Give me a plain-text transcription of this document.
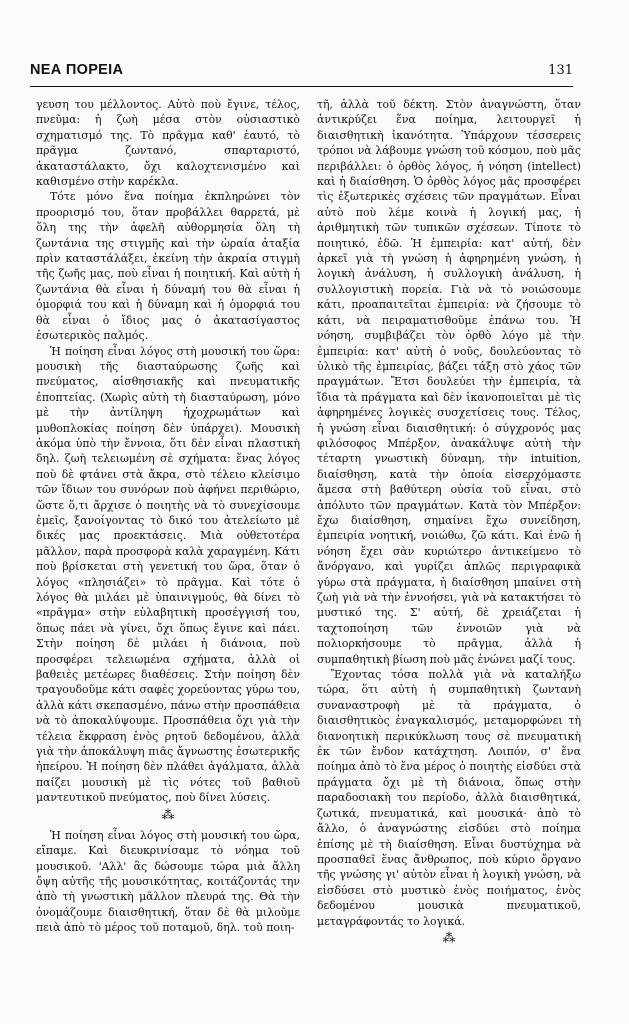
ΝΕΑ ΠΟΡΕΙΑ	131

γευση του μέλλοντος. Αὐτὸ ποὺ ἔγινε, τέλος, πνεῦμα: ἡ ζωὴ μέσα στὸν οὐσιαστικὸ σχηματισμό της. Τὸ πρᾶγμα καθ' ἑαυτό, τὸ πρᾶγμα ζωντανό, σπαρταριστό, ἀκαταστάλακτο, ὄχι καλοχτενισμένο καὶ καθισμένο στὴν καρέκλα.

Τότε μόνο ἕνα ποίημα ἐκπληρώνει τὸν προορισμό του, ὅταν προβάλλει θαρρετά, μὲ ὅλη της τὴν ἀφελῆ αὐθορμησία ὅλη τὴ ζωντάνια της στιγμῆς καὶ τὴν ὡραία ἀταξία πρὶν καταστάλάξει, ἐκείνη τὴν ἀκραία στιγμὴ τῆς ζωῆς μας, ποὺ εἶναι ἡ ποιητική. Καὶ αὐτὴ ἡ ζωντάνια θὰ εἶναι ἡ δύναμή του θὰ εἶναι ἡ ὁμορφιά του καὶ ἡ δύναμη καὶ ἡ ὁμορφιά του θὰ εἶναι ὁ ἴδιος μας ὁ ἀκατασίγαστος ἐσωτερικὸς παλμός.

Ἡ ποίηση εἶναι λόγος στὴ μουσική του ὥρα: μουσικὴ τῆς διασταύρωσης ζωῆς καὶ πνεύματος, αἰσθησιακῆς καὶ πνευματικῆς ἐποπτείας. (Χωρὶς αὐτὴ τὴ διασταύρωση, μόνο μὲ τὴν ἀντίληψη ἠχοχρωμάτων καὶ μυθοπλοκίας ποίηση δὲν ὑπάρχει). Μουσικὴ ἀκόμα ὑπὸ τὴν ἔννοια, ὅτι δὲν εἶναι πλαστικὴ δηλ. ζωὴ τελειωμένη σὲ σχήματα: ἕνας λόγος ποὺ δὲ φτάνει στὰ ἄκρα, στὸ τέλειο κλείσιμο τῶν ἴδιων του συνόρων ποὺ ἀφήνει περιθώριο, ὥστε ὅ,τι ἄρχισε ὁ ποιητὴς νὰ τὸ συνεχίσουμε ἐμεῖς, ξανοίγοντας τὸ δικό του ἀτελείωτο μὲ δικές μας προεκτάσεις. Μιὰ οὐθετοτέρα μᾶλλον, παρὰ προσφορὰ καλὰ χαραγμένη. Κάτι ποὺ βρίσκεται στὴ γενετική του ὥρα, ὅταν ὁ λόγος «πλησιάζει» τὸ πρᾶγμα. Καὶ τότε ὁ λόγος θὰ μιλάει μὲ ὑπαινιγμούς, θὰ δίνει τὸ «πρᾶγμα» στὴν εὐλαβητικὴ προσέγγισή του, ὅπως πάει νὰ γίνει, ὄχι ὅπως ἔγινε καὶ πάει. Στὴν ποίηση δὲ μιλάει ἡ διάνοια, ποὺ προσφέρει τελειωμένα σχήματα, ἀλλὰ οἱ βαθειὲς μετέωρες διαθέσεις. Στὴν ποίηση δὲν τραγουδοῦμε κάτι σαφὲς χορεύοντας γύρω του, ἀλλὰ κάτι σκεπασμένο, πάνω στὴν προσπάθεια νὰ τὸ ἀποκαλύψουμε. Προσπάθεια ὄχι γιὰ τὴν τέλεια ἔκφραση ἑνὸς ρητοῦ δεδομένου, ἀλλὰ γιὰ τὴν ἀποκάλυψη πιᾶς ἄγνωστης ἐσωτερικῆς ἠπείρου. Ἡ ποίηση δὲν πλάθει ἀγάλματα, ἀλλὰ παίζει μουσικὴ μὲ τὶς νότες τοῦ βαθιοῦ μαντευτικοῦ πνεύματος, ποὺ δίνει λύσεις.

⁂

Ἡ ποίηση εἶναι λόγος στὴ μουσική του ὥρα, εἴπαμε. Καὶ διευκρινίσαμε τὸ νόημα τοῦ μουσικοῦ. 'Αλλ' ἂς δώσουμε τώρα μιὰ ἄλλη ὄψη αὐτῆς τῆς μουσικότητας, κοιτάζοντάς την ἀπὸ τὴ γνωστικὴ μᾶλλον πλευρά της. Θὰ τὴν ὀνομάζουμε διαισθητική, ὅταν δὲ θὰ μιλοῦμε πειὰ ἀπὸ τὸ μέρος τοῦ ποταμοῦ, δηλ. τοῦ ποιη-

τῆ, ἀλλὰ τοῦ δέκτη. Στὸν ἀναγνώστη, ὅταν ἀντικρύζει ἕνα ποίημα, λειτουργεῖ ἡ διαισθητικὴ ἱκανότητα. Ὑπάρχουν τέσσερεις τρόποι νὰ λάβουμε γνώση τοῦ κόσμου, ποὺ μᾶς περιβάλλει: ὁ ὀρθὸς λόγος, ἡ νόηση (intellect) καὶ ἡ διαίσθηση. Ὁ ὀρθὸς λόγος μᾶς προσφέρει τὶς ἐξωτερικὲς σχέσεις τῶν πραγμάτων. Εἶναι αὐτὸ ποὺ λέμε κοινὰ ἡ λογική μας, ἡ ἀριθμητικὴ τῶν τυπικῶν σχέσεων. Τίποτε τὸ ποιητικό, ἐδῶ. Ἡ ἐμπειρία: κατ' αὐτή, δὲν ἀρκεῖ γιὰ τὴ γνώση ἡ ἀφηρημένη γνώση, ἡ λογικὴ ἀνάλυση, ἡ συλλογικὴ ἀνάλυση, ἡ συλλογιστικὴ πορεία. Γιὰ νὰ τὸ νοιώσουμε κάτι, προαπαιτεῖται ἐμπειρία: νὰ ζήσουμε τὸ κάτι, νὰ πειραματισθοῦμε ἐπάνω του. Ἡ νόηση, συμβιβάζει τὸν ὀρθὸ λόγο μὲ τὴν ἐμπειρία: κατ' αὐτὴ ὁ νοῦς, δουλεύοντας τὸ ὑλικὸ τῆς ἐμπειρίας, βάζει τάξη στὸ χάος τῶν πραγμάτων. Ἔτσι δουλεύει τὴν ἐμπειρία, τὰ ἴδια τὰ πράγματα καὶ δὲν ἱκανοποιεῖται μὲ τὶς ἀφηρημένες λογικὲς συσχετίσεις τους. Τέλος, ἡ γνώση εἶναι διαισθητική: ὁ σύγχρονός μας φιλόσοφος Μπέρξον, ἀνακάλυψε αὐτὴ τὴν τέταρτη γνωστικὴ δύναμη, τὴν intuition, διαίσθηση, κατὰ τὴν ὁποία εἰσερχόμαστε ἄμεσα στὴ βαθύτερη οὐσία τοῦ εἶναι, στὸ ἀπόλυτο τῶν πραγμάτων. Κατὰ τὸν Μπέρξον: ἔχω διαίσθηση, σημαίνει ἔχω συνείδηση, ἐμπειρία νοητική, νοιώθω, ζῶ κάτι. Καὶ ἐνῶ ἡ νόηση ἔχει σὰν κυριώτερο ἀντικείμενο τὸ ἄνόργανο, καὶ γυρίζει ἁπλῶς περιγραφικὰ γύρω στὰ πράγματα, ἡ διαίσθηση μπαίνει στὴ ζωὴ γιὰ νὰ τὴν ἐννοήσει, γιὰ νὰ κατακτήσει τὸ μυστικό της. Σ' αὐτή, δὲ χρειάζεται ἡ ταχτοποίηση τῶν ἐννοιῶν γιὰ νὰ πολιορκήσουμε τὸ πρᾶγμα, ἀλλὰ ἡ συμπαθητικὴ βίωση ποὺ μᾶς ἑνώνει μαζί τους.

Ἔχοντας τόσα πολλὰ γιὰ νὰ καταλήξω τώρα, ὅτι αὐτὴ ἡ συμπαθητικὴ ζωντανὴ συναναστροφὴ μὲ τὰ πράγματα, ὁ διαισθητικὸς ἐναγκαλισμός, μεταμορφώνει τὴ διανοητικὴ περικύκλωση τους σὲ πνευματικὴ ἐκ τῶν ἔνδον κατάχτηση. Λοιπόν, σ' ἕνα ποίημα ἀπὸ τὸ ἕνα μέρος ὁ ποιητὴς εἰσδύει στὰ πράγματα ὄχι μὲ τὴ διάνοια, ὅπως στὴν παραδοσιακὴ του περίοδο, ἀλλὰ διαισθητικά, ζωτικά, πνευματικά, καὶ μουσικά· ἀπὸ τὸ ἄλλο, ὁ ἀναγνώστης εἰσδύει στὸ ποίημα ἐπίσης μὲ τὴ διαίσθηση. Εἶναι δυστύχημα νὰ προσπαθεῖ ἕνας ἄνθρωπος, ποὺ κύριο ὄργανο τῆς γνώσης γι' αὐτὸν εἶναι ἡ λογικὴ γνώση, νὰ εἰσδύσει στὸ μυστικὸ ἑνὸς ποιήματος, ἑνὸς δεδομένου μουσικὰ πνευματικοῦ, μεταγράφοντάς το λογικά.

⁂
